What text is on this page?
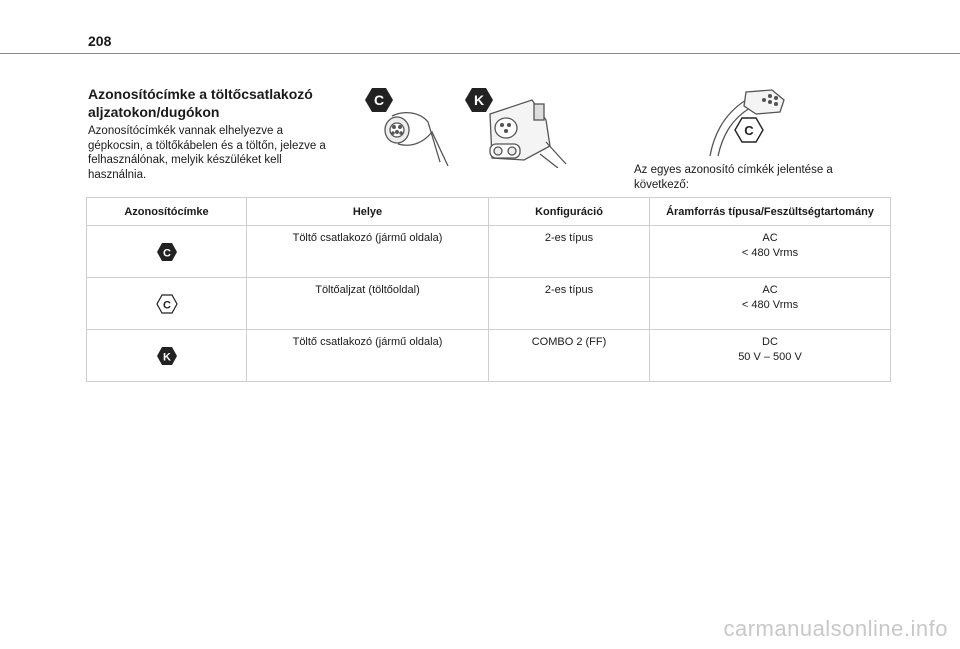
208
Azonosítócímke a töltőcsatlakozó aljzatokon/dugókon
Azonosítócímkék vannak elhelyezve a gépkocsin, a töltőkábelen és a töltőn, jelezve a felhasználónak, melyik készüléket kell használnia.
C	K
C
Az egyes azonosító címkék jelentése a következő:
Azonosítócímke	Helye	Konfiguráció	Áramforrás típusa/Feszültségtartomány

C	Töltő csatlakozó (jármű oldala)	2-es típus	AC
< 480 Vrms

C	Töltőaljzat (töltőoldal)	2-es típus	AC
< 480 Vrms

K	Töltő csatlakozó (jármű oldala)	COMBO 2 (FF)	DC
50 V – 500 V
carmanualsonline.info
